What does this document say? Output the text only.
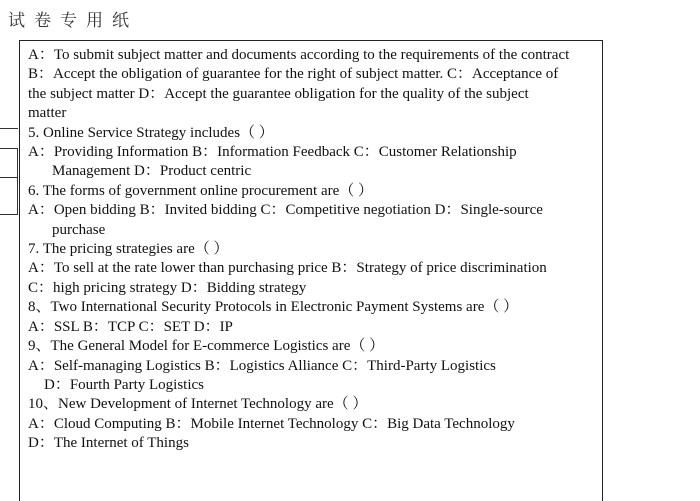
试卷专用纸

A：To submit subject matter and documents according to the requirements of the contract

B：Accept the obligation of guarantee for the right of subject matter. C：Acceptance of

the subject matter D：Accept the guarantee obligation for the quality of the subject

matter

5. Online Service Strategy includes（ ）

A：Providing Information B：Information Feedback C：Customer Relationship

Management D：Product centric

6. The forms of government online procurement are（ ）

A：Open bidding B：Invited bidding C：Competitive negotiation D：Single-source

purchase

7. The pricing strategies are（ ）

A：To sell at the rate lower than purchasing price B：Strategy of price discrimination

C：high pricing strategy D：Bidding strategy

8、Two International Security Protocols in Electronic Payment Systems are（ ）

A：SSL B：TCP C：SET D：IP

9、The General Model for E-commerce Logistics are（ ）

A：Self-managing Logistics B：Logistics Alliance C：Third-Party Logistics

D：Fourth Party Logistics

10、New Development of Internet Technology are（ ）

A：Cloud Computing B：Mobile Internet Technology C：Big Data Technology

D：The Internet of Things
